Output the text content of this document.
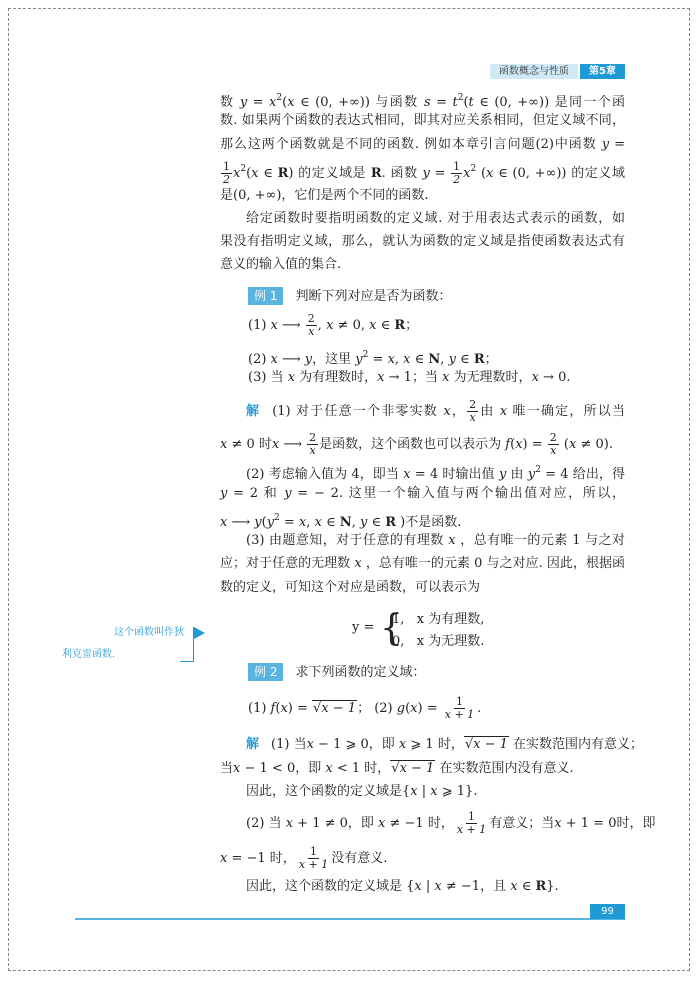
函数概念与性质	第5章
数 $y = x^2(x$ ∈ (0, +∞)) 与函数 $s = t^2(t$ ∈ (0, +∞)) 是同一个函
数. 如果两个函数的表达式相同，即其对应关系相同，但定义域不同，
那么这两个函数就是不同的函数. 例如本章引言问题(2)中函数 y =
$\frac{1}{2} x^2(x$ ∈ R) 的定义域是 R. 函数 $y = \frac{1}{2} x^2$ (x ∈ (0, +∞)) 的定义域
是(0, +∞)，它们是两个不同的函数.
给定函数时要指明函数的定义域. 对于用表达式表示的函数，如
果没有指明定义域，那么，就认为函数的定义域是指使函数表达式有
意义的输入值的集合.
例 1 判断下列对应是否为函数：
(1) x ⟶ $\frac{2}{x}$ , x ≠ 0, x ∈ R；
(2) x ⟶ y，这里 $y^2 = x$, x ∈ N, y ∈ R；
(3) 当 x 为有理数时，x → 1；当 x 为无理数时，x → 0.
解 (1) 对于任意一个非零实数 x， $\frac{2}{x}$ 由 x 唯一确定，所以当
x ≠ 0 时x ⟶ $\frac{2}{x}$ 是函数，这个函数也可以表示为 $f(x) = \frac{2}{x} (x \ne 0)$.
(2) 考虑输入值为 4，即当 x = 4 时输出值 y 由 $y^2 = 4$ 给出，得
y = 2 和 y = − 2. 这里一个输入值与两个输出值对应，所以，
x ⟶ $y(y^2 = x$, x ∈ N, y ∈ R )不是函数.
(3) 由题意知，对于任意的有理数 x ，总有唯一的元素 1 与之对
应；对于任意的无理数 x ，总有唯一的元素 0 与之对应. 因此，根据函
数的定义，可知这个对应是函数，可以表示为
例 2 求下列函数的定义域：
(1) f(x) = √ x − 1； (2) $g(x) = \frac{1}{x + 1}$ .
解 (1) 当x − 1 ⩾ 0，即 x ⩾ 1 时， √ x − 1 在实数范围内有意义；
当x − 1 < 0，即 x < 1 时， √ x − 1 在实数范围内没有意义.
因此，这个函数的定义域是{x | x ⩾ 1}.
(2) 当 x + 1 ≠ 0，即 x ≠ −1 时， $\frac{1}{x + 1}$ 有意义；当x + 1 = 0时，即
x = −1 时， $\frac{1}{x + 1}$ 没有意义.
因此，这个函数的定义域是 {x | x ≠ −1，且 x ∈ R}.
y = {
1,   x 为有理数,
0,   x 为无理数.
这个函数叫作狄
利克雷函数.
99
